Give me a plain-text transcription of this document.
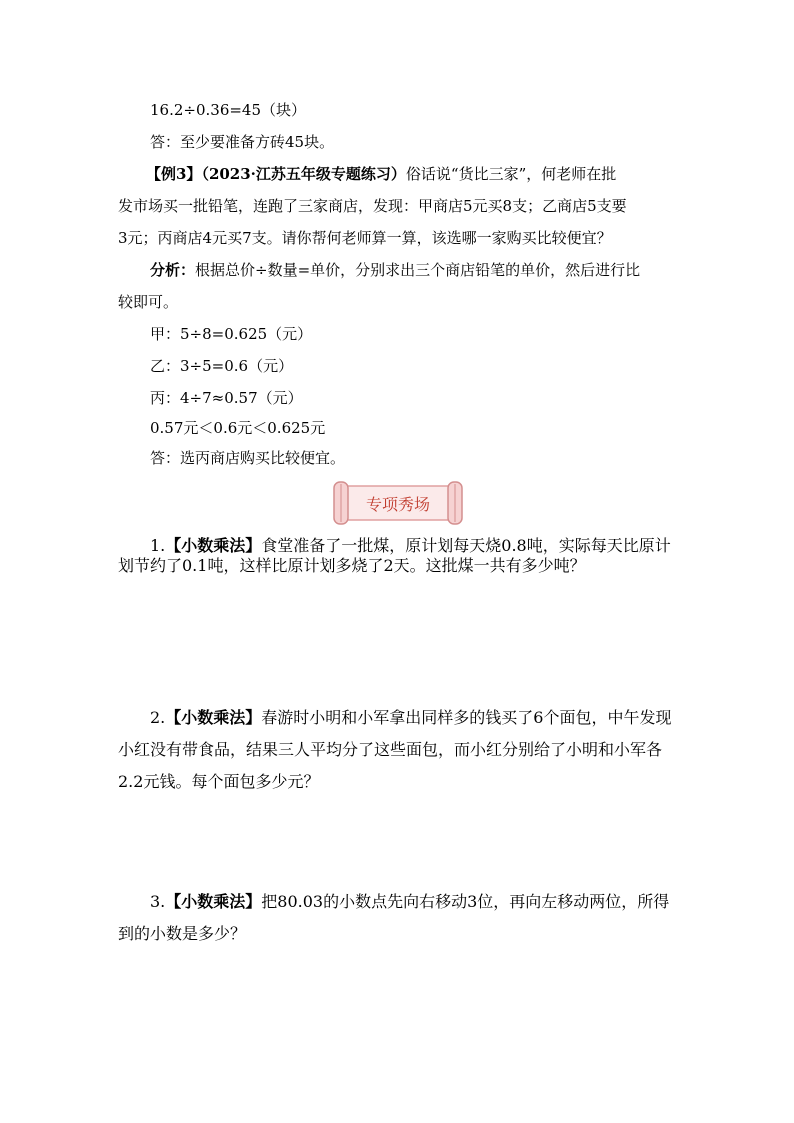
16.2÷0.36=45（块）
答：至少要准备方砖45块。
【例3】（2023·江苏五年级专题练习）俗话说“货比三家”，何老师在批
发市场买一批铅笔，连跑了三家商店，发现：甲商店5元买8支；乙商店5支要
3元；丙商店4元买7支。请你帮何老师算一算，该选哪一家购买比较便宜？
分析：根据总价÷数量=单价，分别求出三个商店铅笔的单价，然后进行比
较即可。
甲：5÷8=0.625（元）
乙：3÷5=0.6（元）
丙：4÷7≈0.57（元）
0.57元＜0.6元＜0.625元
答：选丙商店购买比较便宜。
专项秀场
1.【小数乘法】食堂准备了一批煤，原计划每天烧0.8吨，实际每天比原计
划节约了0.1吨，这样比原计划多烧了2天。这批煤一共有多少吨？
2.【小数乘法】春游时小明和小军拿出同样多的钱买了6个面包，中午发现
小红没有带食品，结果三人平均分了这些面包，而小红分别给了小明和小军各
2.2元钱。每个面包多少元？
3.【小数乘法】把80.03的小数点先向右移动3位，再向左移动两位，所得
到的小数是多少？
